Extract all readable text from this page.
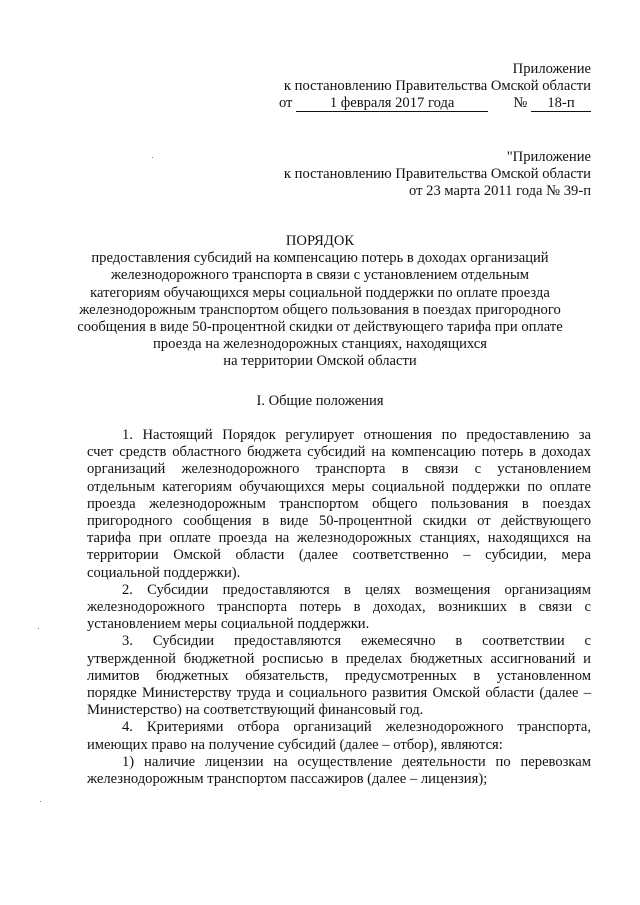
Приложение

к постановлению Правительства Омской области

от	1 февраля 2017 года	№ 18-п

"Приложение

к постановлению Правительства Омской области

от 23 марта 2011 года № 39-п

ПОРЯДОК

предоставления субсидий на компенсацию потерь в доходах организаций

железнодорожного транспорта в связи с установлением отдельным

категориям обучающихся меры социальной поддержки по оплате проезда

железнодорожным транспортом общего пользования в поездах пригородного

сообщения в виде 50-процентной скидки от действующего тарифа при оплате

проезда на железнодорожных станциях, находящихся

на территории Омской области

I. Общие положения

1. Настоящий Порядок регулирует отношения по предоставлению за

счет средств областного бюджета субсидий на компенсацию потерь в доходах

организаций железнодорожного транспорта в связи с установлением

отдельным категориям обучающихся меры социальной поддержки по оплате

проезда железнодорожным транспортом общего пользования в поездах

пригородного сообщения в виде 50-процентной скидки от действующего

тарифа при оплате проезда на железнодорожных станциях, находящихся на

территории Омской области (далее соответственно – субсидии, мера

социальной поддержки).

2. Субсидии предоставляются в целях возмещения организациям

железнодорожного транспорта потерь в доходах, возникших в связи с

установлением меры социальной поддержки.

3. Субсидии предоставляются ежемесячно в соответствии с

утвержденной бюджетной росписью в пределах бюджетных ассигнований и

лимитов бюджетных обязательств, предусмотренных в установленном

порядке Министерству труда и социального развития Омской области (далее –

Министерство) на соответствующий финансовый год.

4. Критериями отбора организаций железнодорожного транспорта,

имеющих право на получение субсидий (далее – отбор), являются:

1) наличие лицензии на осуществление деятельности по перевозкам

железнодорожным транспортом пассажиров (далее – лицензия);
